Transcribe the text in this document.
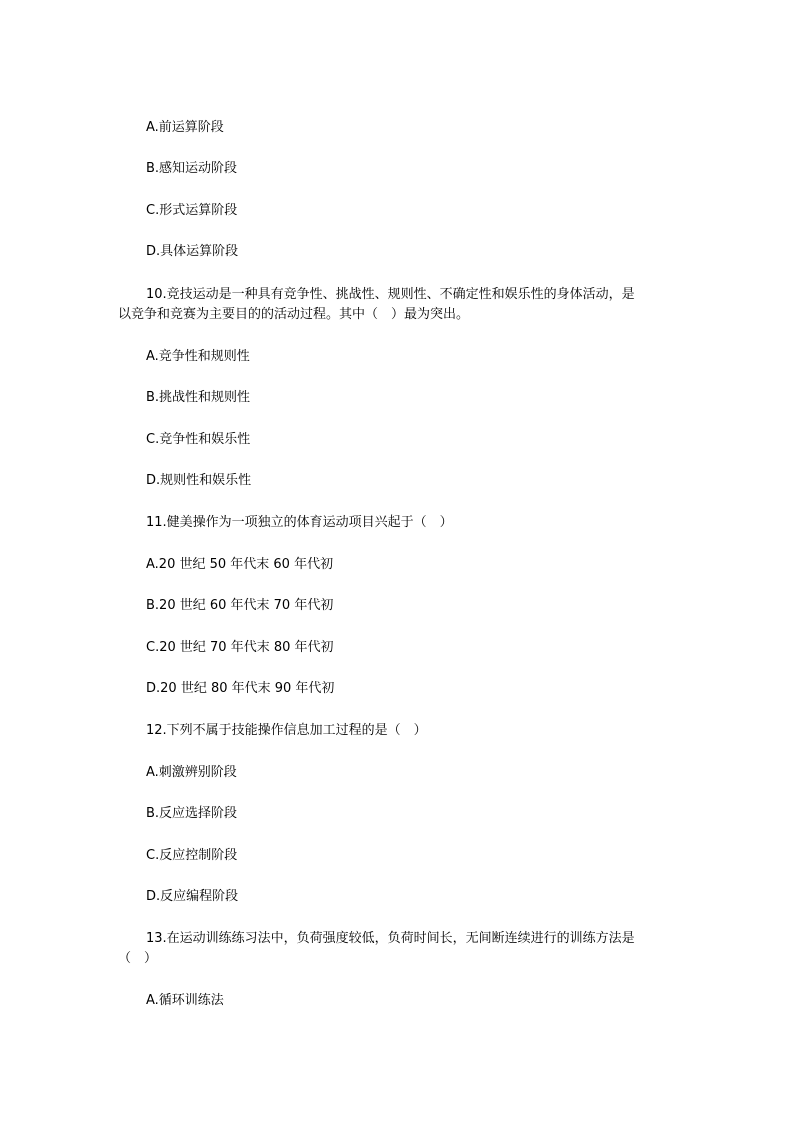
A.前运算阶段
B.感知运动阶段
C.形式运算阶段
D.具体运算阶段
10.竞技运动是一种具有竞争性、挑战性、规则性、不确定性和娱乐性的身体活动，是
以竞争和竞赛为主要目的的活动过程。其中（　）最为突出。
A.竞争性和规则性
B.挑战性和规则性
C.竞争性和娱乐性
D.规则性和娱乐性
11.健美操作为一项独立的体育运动项目兴起于（　）
A.20 世纪 50 年代末 60 年代初
B.20 世纪 60 年代末 70 年代初
C.20 世纪 70 年代末 80 年代初
D.20 世纪 80 年代末 90 年代初
12.下列不属于技能操作信息加工过程的是（　）
A.刺激辨别阶段
B.反应选择阶段
C.反应控制阶段
D.反应编程阶段
13.在运动训练练习法中，负荷强度较低，负荷时间长，无间断连续进行的训练方法是
（　）
A.循环训练法
